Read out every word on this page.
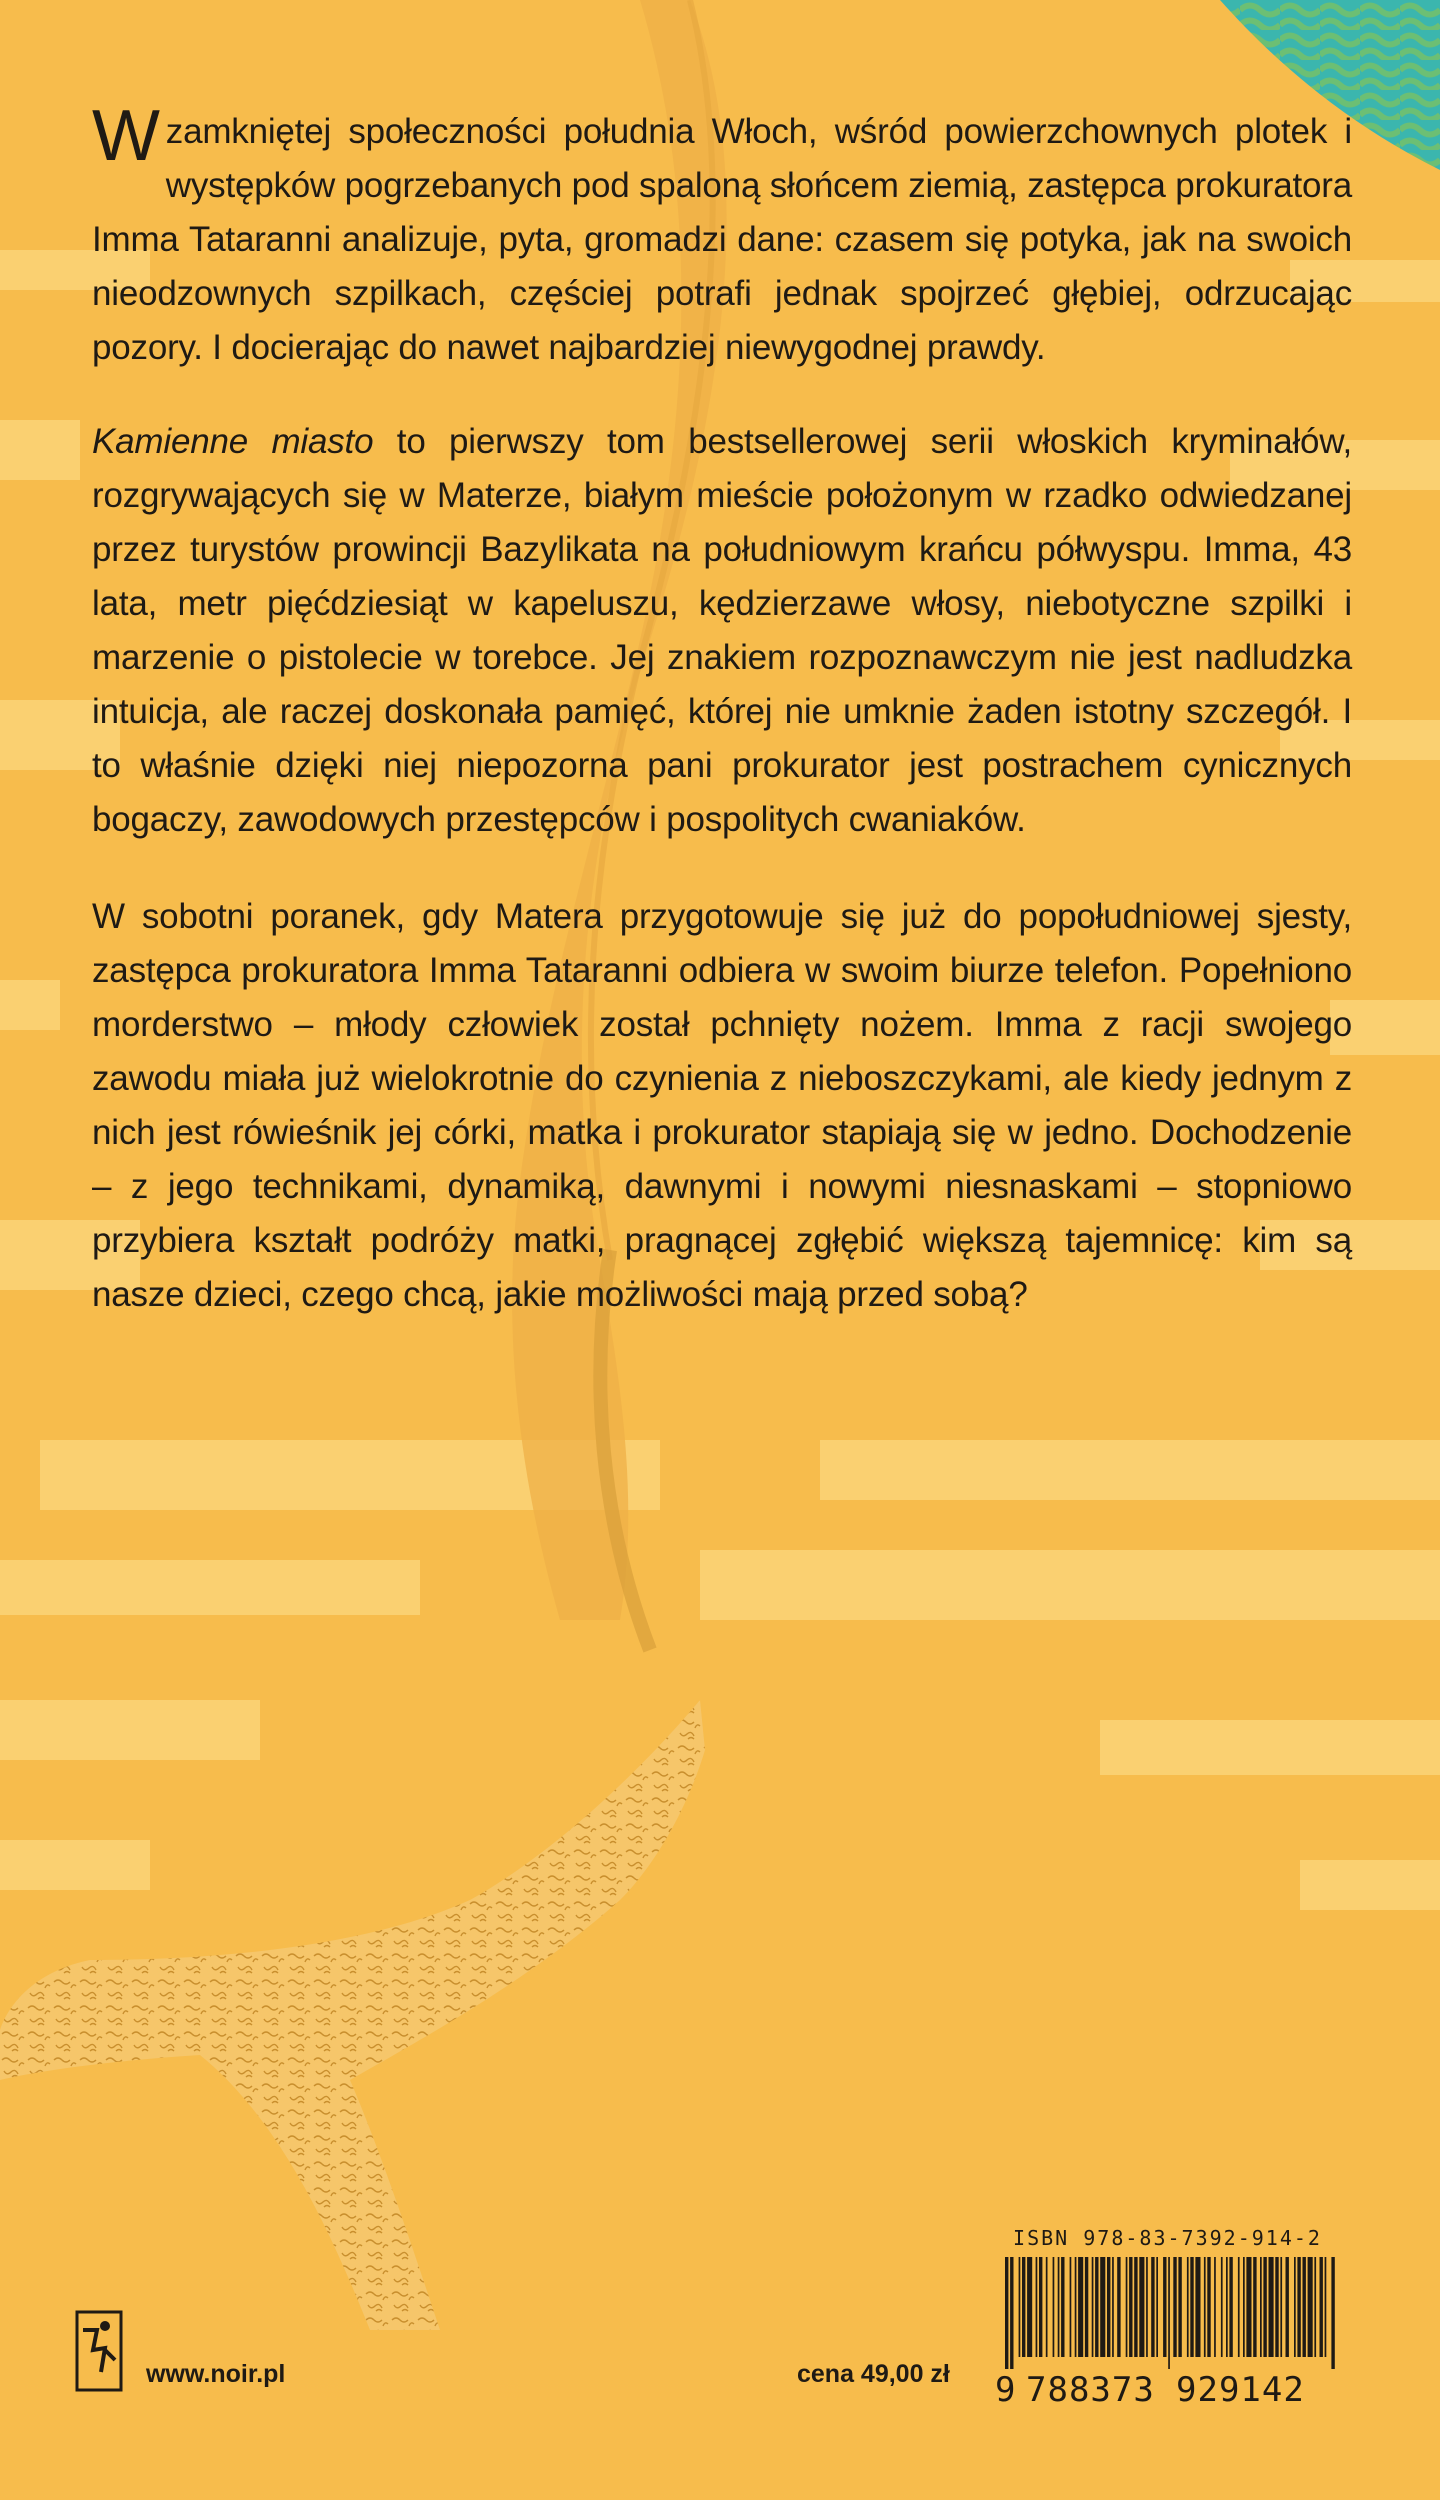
Wzamkniętej społeczności południa Włoch, wśród powierzchownych plotek i występków pogrzebanych pod spaloną słońcem ziemią, zastępca prokuratora Imma Tataranni analizuje, pyta, gromadzi dane: czasem się potyka, jak na swoich nieodzownych szpilkach, częściej potrafi jednak spojrzeć głębiej, odrzucając pozory. I docierając do nawet najbardziej niewygodnej prawdy.

Kamienne miasto to pierwszy tom bestsellerowej serii włoskich kryminałów, rozgrywających się w Materze, białym mieście położonym w rzadko odwiedzanej przez turystów prowincji Bazylikata na południowym krańcu półwyspu. Imma, 43 lata, metr pięćdziesiąt w kapeluszu, kędzierzawe włosy, niebotyczne szpilki i marzenie o pistolecie w torebce. Jej znakiem rozpoznawczym nie jest nadludzka intuicja, ale raczej doskonała pamięć, której nie umknie żaden istotny szczegół. I to właśnie dzięki niej niepozorna pani prokurator jest postrachem cynicznych bogaczy, zawodowych przestępców i pospolitych cwaniaków.

W sobotni poranek, gdy Matera przygotowuje się już do popołudniowej sjesty, zastępca prokuratora Imma Tataranni odbiera w swoim biurze telefon. Popełniono morderstwo – młody człowiek został pchnięty nożem. Imma z racji swojego zawodu miała już wielokrotnie do czynienia z nieboszczykami, ale kiedy jednym z nich jest rówieśnik jej córki, matka i prokurator stapiają się w jedno. Dochodzenie – z jego technikami, dynamiką, dawnymi i nowymi niesnaskami – stopniowo przybiera kształt podróży matki, pragnącej zgłębić większą tajemnicę: kim są nasze dzieci, czego chcą, jakie możliwości mają przed sobą?

www.noir.pl	cena 49,00 zł
ISBN 978-83-7392-914-2
9 788373 929142
